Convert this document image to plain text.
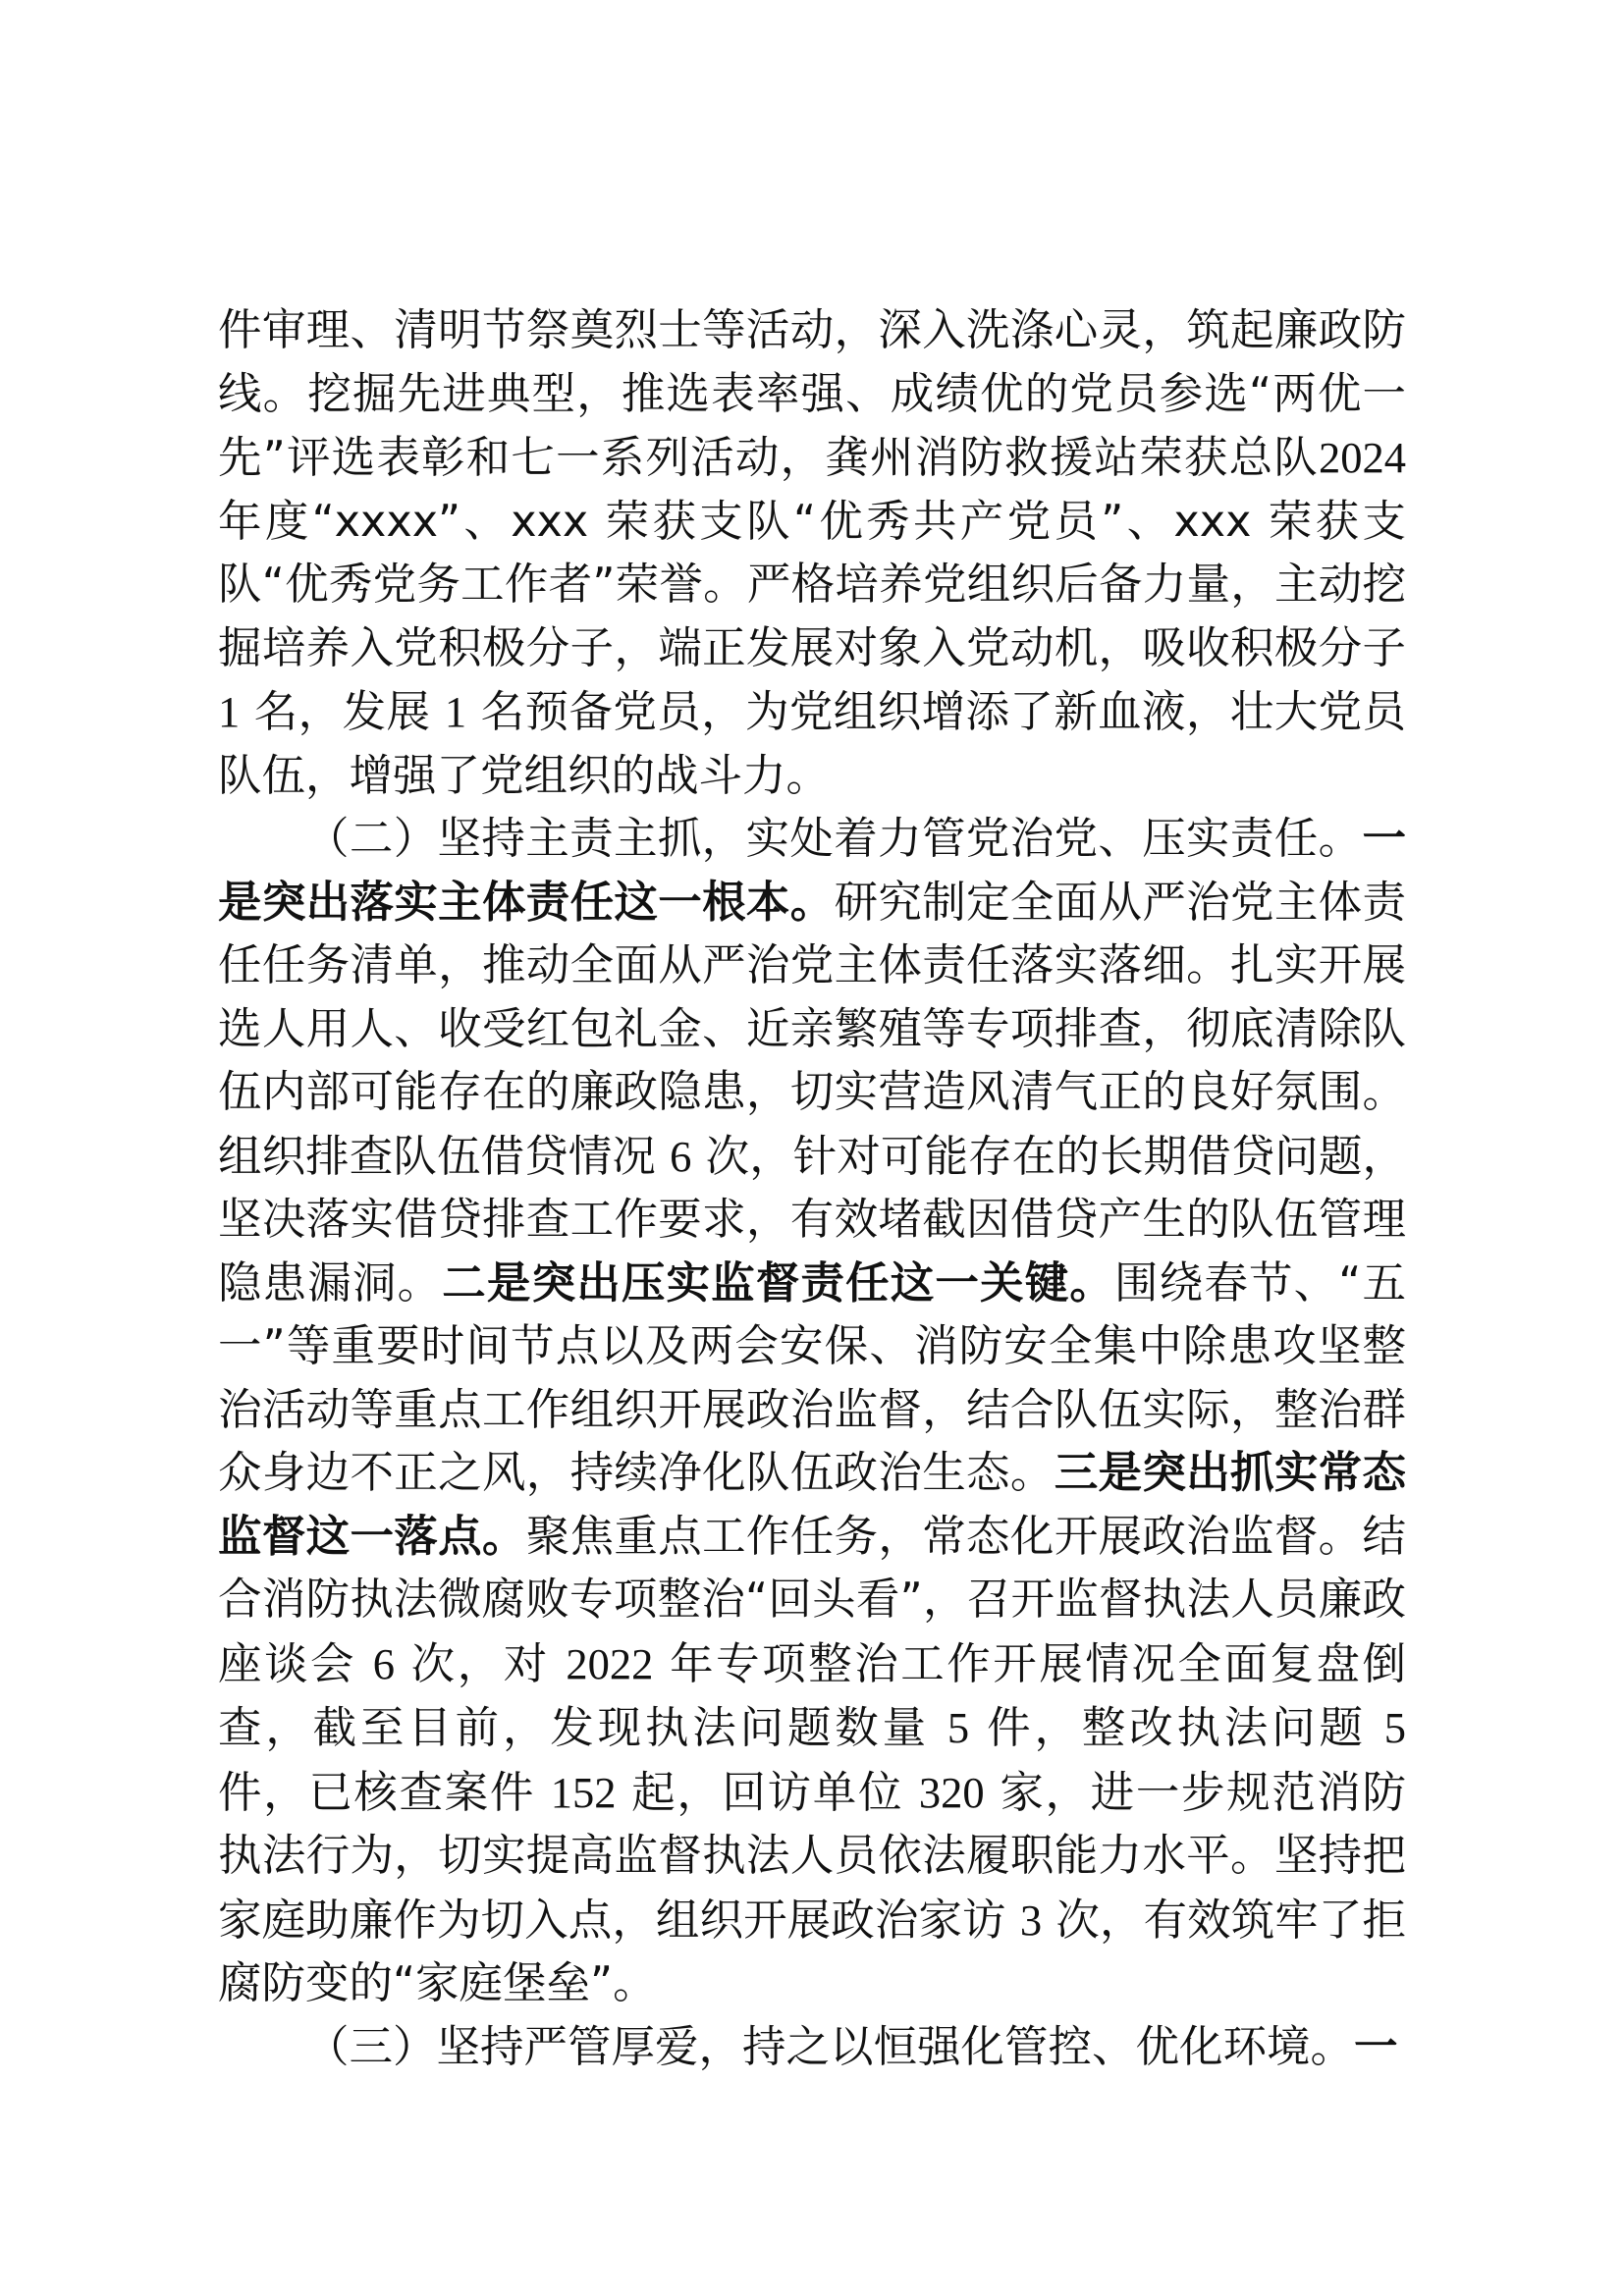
件审理、清明节祭奠烈士等活动，深入洗涤心灵，筑起廉政防线。挖掘先进典型，推选表率强、成绩优的党员参选“两优一先”评选表彰和七一系列活动，龚州消防救援站荣获总队2024年度“xxxx”、xxx 荣获支队“优秀共产党员”、xxx 荣获支队“优秀党务工作者”荣誉。严格培养党组织后备力量，主动挖掘培养入党积极分子，端正发展对象入党动机，吸收积极分子 1 名，发展 1 名预备党员，为党组织增添了新血液，壮大党员队伍，增强了党组织的战斗力。

（二）坚持主责主抓，实处着力管党治党、压实责任。一是突出落实主体责任这一根本。研究制定全面从严治党主体责任任务清单，推动全面从严治党主体责任落实落细。扎实开展选人用人、收受红包礼金、近亲繁殖等专项排查，彻底清除队伍内部可能存在的廉政隐患，切实营造风清气正的良好氛围。组织排查队伍借贷情况 6 次，针对可能存在的长期借贷问题，坚决落实借贷排查工作要求，有效堵截因借贷产生的队伍管理隐患漏洞。二是突出压实监督责任这一关键。围绕春节、“五一”等重要时间节点以及两会安保、消防安全集中除患攻坚整治活动等重点工作组织开展政治监督，结合队伍实际，整治群众身边不正之风，持续净化队伍政治生态。三是突出抓实常态监督这一落点。聚焦重点工作任务，常态化开展政治监督。结合消防执法微腐败专项整治“回头看”，召开监督执法人员廉政座谈会 6 次，对 2022 年专项整治工作开展情况全面复盘倒查，截至目前，发现执法问题数量 5 件，整改执法问题 5 件，已核查案件 152 起，回访单位 320 家，进一步规范消防执法行为，切实提高监督执法人员依法履职能力水平。坚持把家庭助廉作为切入点，组织开展政治家访 3 次，有效筑牢了拒腐防变的“家庭堡垒”。

（三）坚持严管厚爱，持之以恒强化管控、优化环境。一
